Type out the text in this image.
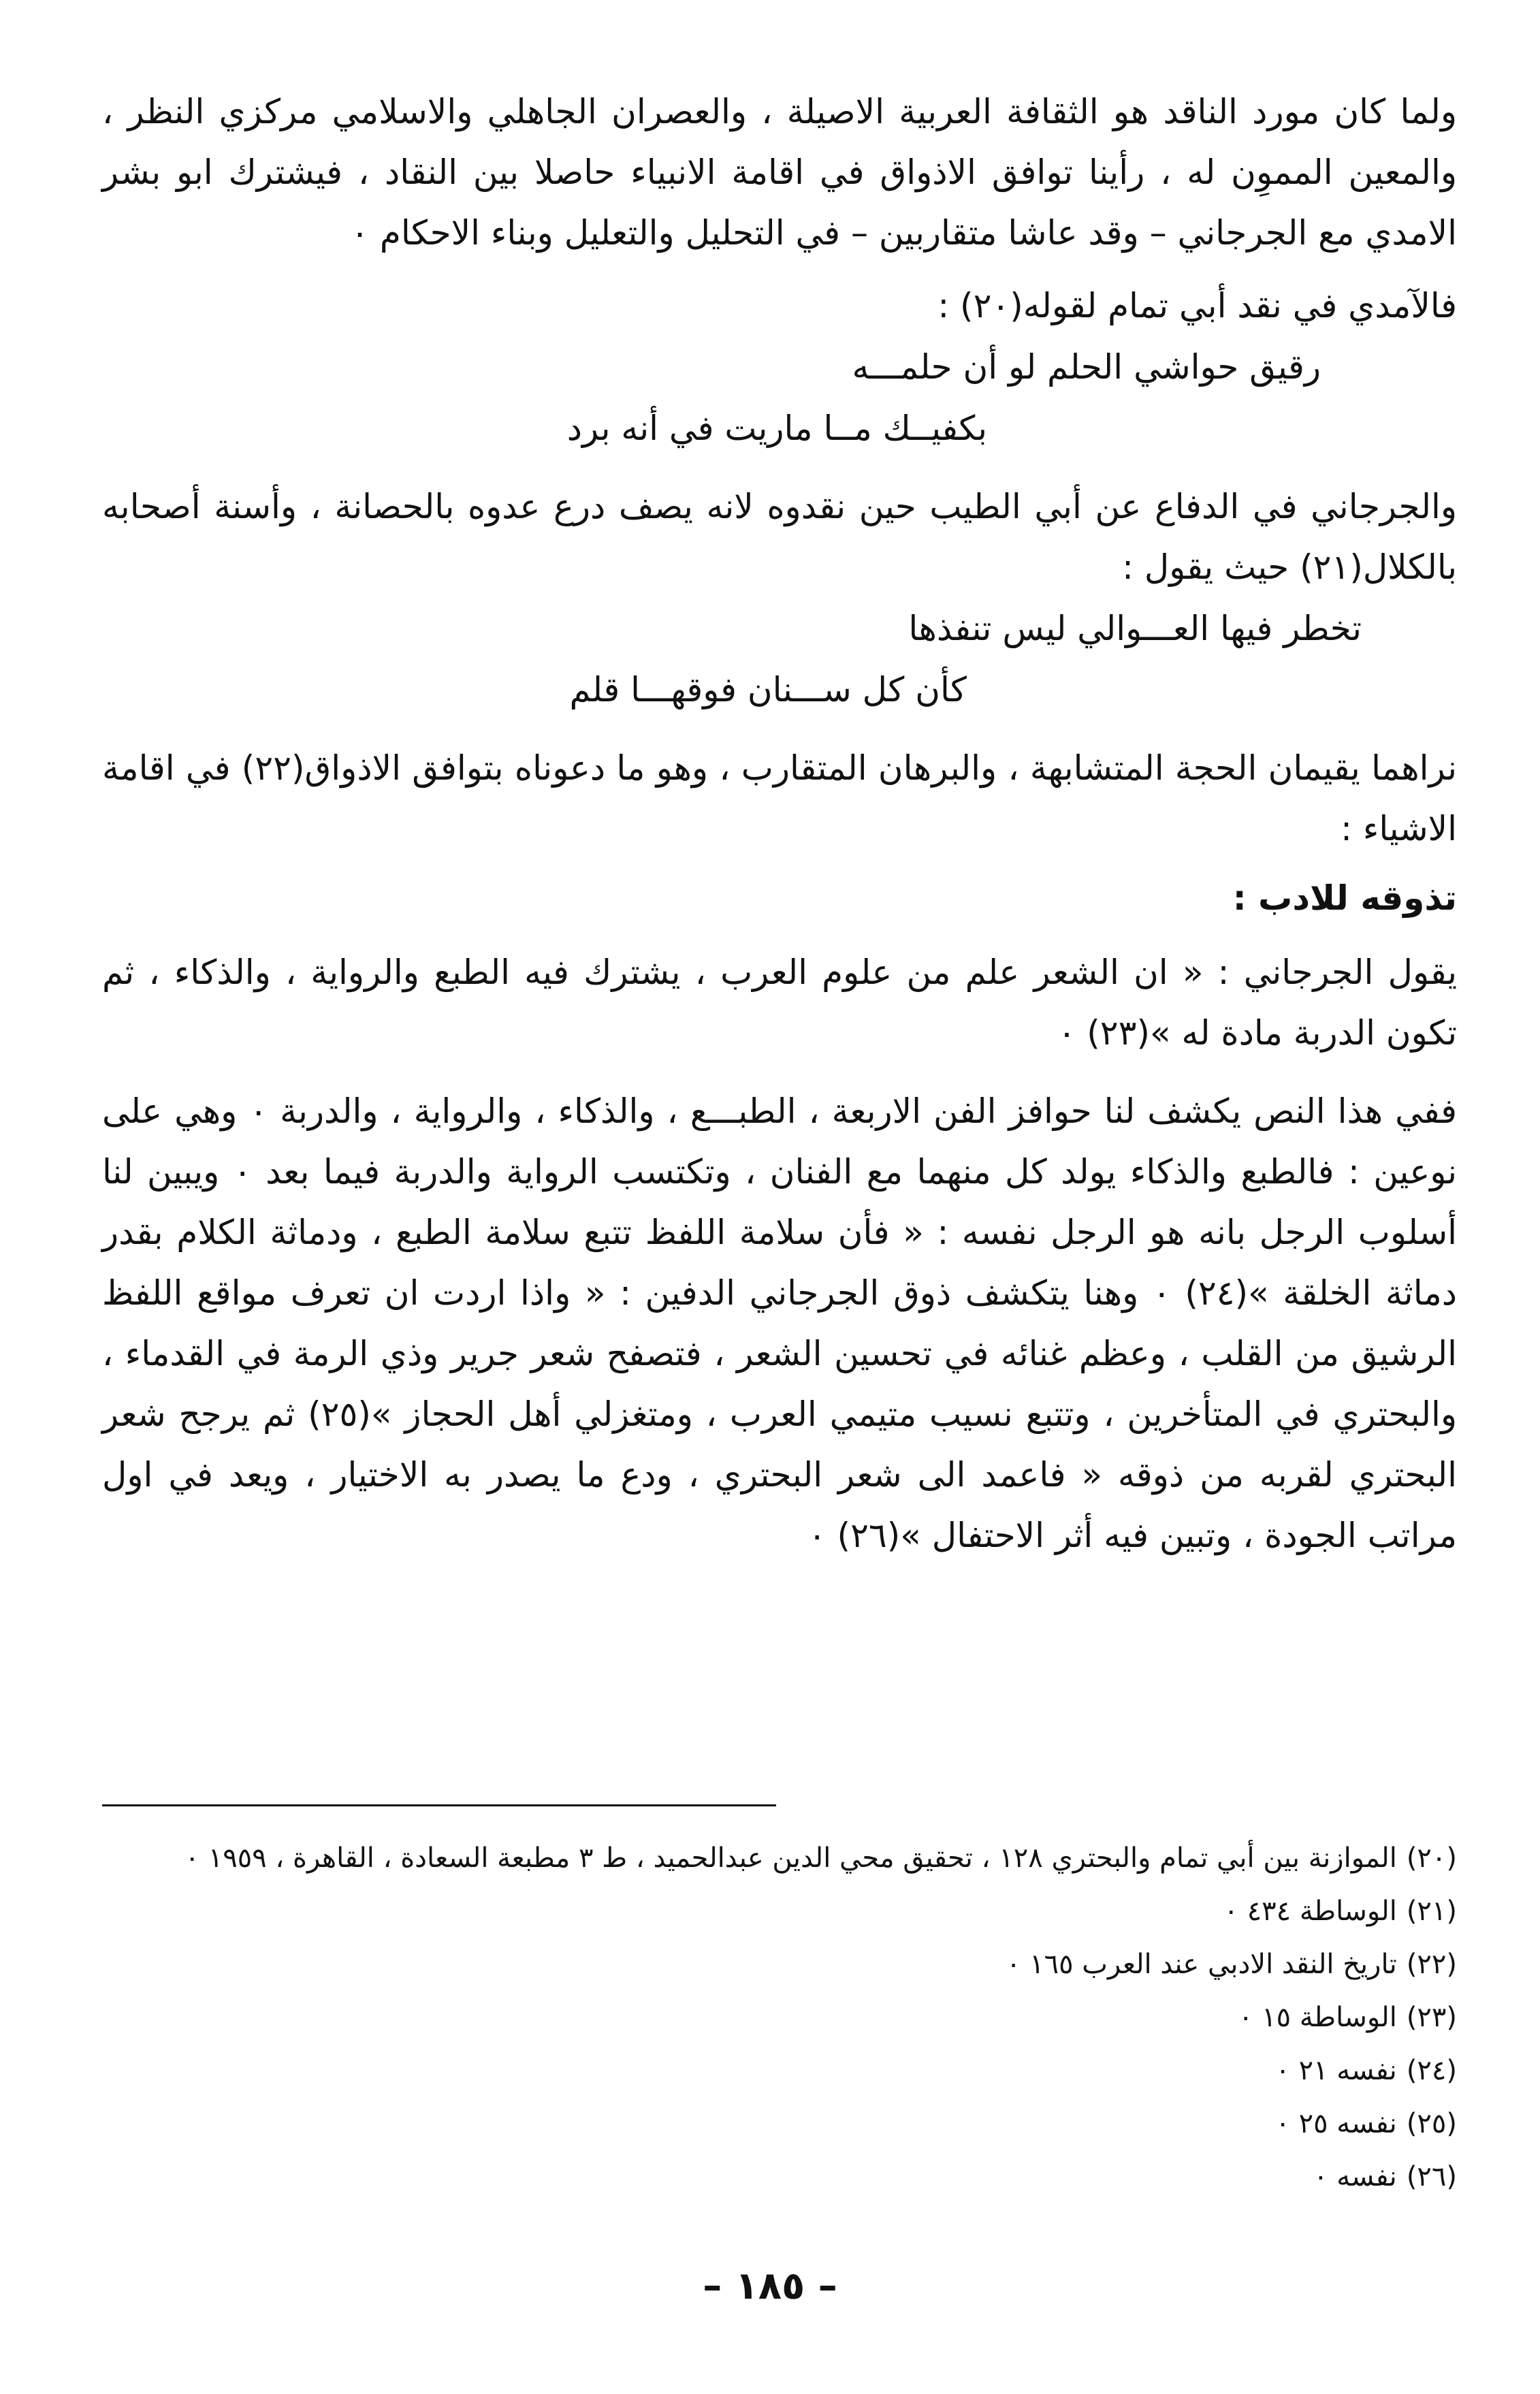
ولما كان مورد الناقد هو الثقافة العربية الاصيلة ، والعصران الجاهلي والاسلامي مركزي النظر ، والمعين المموِن له ، رأينا توافق الاذواق في اقامة الانبياء حاصلا بين النقاد ، فيشترك ابو بشر الامدي مع الجرجاني – وقد عاشا متقاربين – في التحليل والتعليل وبناء الاحكام ٠

فالآمدي في نقد أبي تمام لقوله(٢٠) :

رقيق حواشي الحلم لو أن حلمـــه
بكفيــك مــا ماريت في أنه برد

والجرجاني في الدفاع عن أبي الطيب حين نقدوه لانه يصف درع عدوه بالحصانة ، وأسنة أصحابه بالكلال(٢١) حيث يقول :

تخطر فيها العـــوالي ليس تنفذها
كأن كل ســـنان فوقهـــا قلم

نراهما يقيمان الحجة المتشابهة ، والبرهان المتقارب ، وهو ما دعوناه بتوافق الاذواق(٢٢) في اقامة الاشياء :

تذوقه للادب :

يقول الجرجاني : « ان الشعر علم من علوم العرب ، يشترك فيه الطبع والرواية ، والذكاء ، ثم تكون الدربة مادة له »(٢٣) ٠

ففي هذا النص يكشف لنا حوافز الفن الاربعة ، الطبـــع ، والذكاء ، والرواية ، والدربة ٠ وهي على نوعين : فالطبع والذكاء يولد كل منهما مع الفنان ، وتكتسب الرواية والدربة فيما بعد ٠ ويبين لنا أسلوب الرجل بانه هو الرجل نفسه : « فأن سلامة اللفظ تتبع سلامة الطبع ، ودماثة الكلام بقدر دماثة الخلقة »(٢٤) ٠ وهنا يتكشف ذوق الجرجاني الدفين : « واذا اردت ان تعرف مواقع اللفظ الرشيق من القلب ، وعظم غنائه في تحسين الشعر ، فتصفح شعر جرير وذي الرمة في القدماء ، والبحتري في المتأخرين ، وتتبع نسيب متيمي العرب ، ومتغزلي أهل الحجاز »(٢٥) ثم يرجح شعر البحتري لقربه من ذوقه « فاعمد الى شعر البحتري ، ودع ما يصدر به الاختيار ، ويعد في اول مراتب الجودة ، وتبين فيه أثر الاحتفال »(٢٦) ٠

(٢٠)الموازنة بين أبي تمام والبحتري ١٢٨ ، تحقيق محي الدين عبدالحميد ، ط ٣ مطبعة السعادة ، القاهرة ، ١٩٥٩ ٠

(٢١)الوساطة ٤٣٤ ٠

(٢٢)تاريخ النقد الادبي عند العرب ١٦٥ ٠

(٢٣)الوساطة ١٥ ٠

(٢٤)نفسه ٢١ ٠

(٢٥)نفسه ٢٥ ٠

(٢٦)نفسه ٠

– ١٨٥ –
